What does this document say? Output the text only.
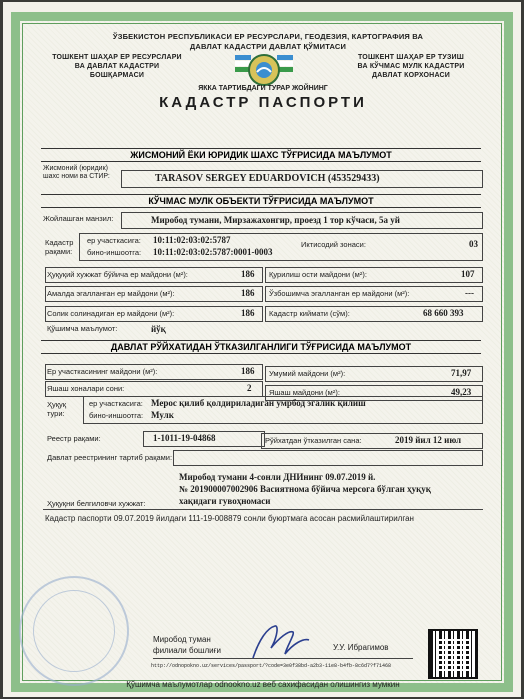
ЎЗБЕКИСТОН РЕСПУБЛИКАСИ ЕР РЕСУРСЛАРИ, ГЕОДЕЗИЯ, КАРТОГРАФИЯ ВА
ДАВЛАТ КАДАСТРИ ДАВЛАТ ҚЎМИТАСИ
ТОШКЕНТ ШАҲАР ЕР РЕСУРСЛАРИ
ВА ДАВЛАТ КАДАСТРИ
БОШҚАРМАСИ
ТОШКЕНТ ШАҲАР ЕР ТУЗИШ
ВА КЎЧМАС МУЛК КАДАСТРИ
ДАВЛАТ КОРХОНАСИ
ЯККА ТАРТИБДАГИ ТУРАР ЖОЙНИНГ
КАДАСТР ПАСПОРТИ
ЖИСМОНИЙ ЁКИ ЮРИДИК ШАХС ТЎҒРИСИДА МАЪЛУМОТ
Жисмоний (юридик)
шахс номи ва СТИР:	TARASOV SERGEY EDUARDOVICH (453529433)
КЎЧМАС МУЛК ОБЪЕКТИ ТЎҒРИСИДА МАЪЛУМОТ
Жойлашган манзил:	Миробод тумани, Мирзажахонгир, проезд 1 тор кўчаси, 5а уй
Кадастр
рақами:
ер участкасига: 10:11:02:03:02:5787
бино-иншоотга: 10:11:02:03:02:5787:0001-0003
Иктисодий зонаси:	03
Ҳуқуқий хужжат бўйича ер майдони (м²):	186 Қурилиш ости майдони (м²):	107
Амалда эгалланган ер майдони (м²):	186 Ўзбошимча эгалланган ер майдони (м²):	---
Солик солинадиган ер майдони (м²):	186 Кадастр киймати (сўм):	68 660 393
Қўшимча маълумот:	йўқ
ДАВЛАТ РЎЙХАТИДАН ЎТКАЗИЛГАНЛИГИ ТЎҒРИСИДА МАЪЛУМОТ
Ер участкасининг майдони (м²):	186 Умумий майдони (м²):	71,97
Яшаш хоналари сони:	2 Яшаш майдони (м²):	49,23
Ҳуқуқ
тури:
ер участкасига: Мерос қилиб қолдириладиган умрбод эгалик қилиш
бино-иншоотга: Мулк
Реестр рақами:	1-1011-19-04868	Рўйхатдан ўтказилган сана:	2019 йил 12 июл
Давлат реестрининг тартиб рақами:
Миробод тумани 4-сонли ДНИнинг 09.07.2019 й.
№ 201900007002906 Васиятнома бўйича мерсога бўлган ҳуқуқ
хақидаги гувоҳномаси
Ҳуқуқни белгиловчи хужжат:
Кадастр паспорти 09.07.2019 йилдаги 111-19-008879 сонли буюртмага асосан расмийлаштирилган
Миробод туман
филиали бошлиғи	У.У. Ибрагимов
http://odnopokno.uz/services/passport/?code=3e0f38bd-a2b3-11e8-b4fb-8c6d7?f71468
Қўшимча маълумотлар odnookno.uz веб сахифасидан олишингиз мумкин
